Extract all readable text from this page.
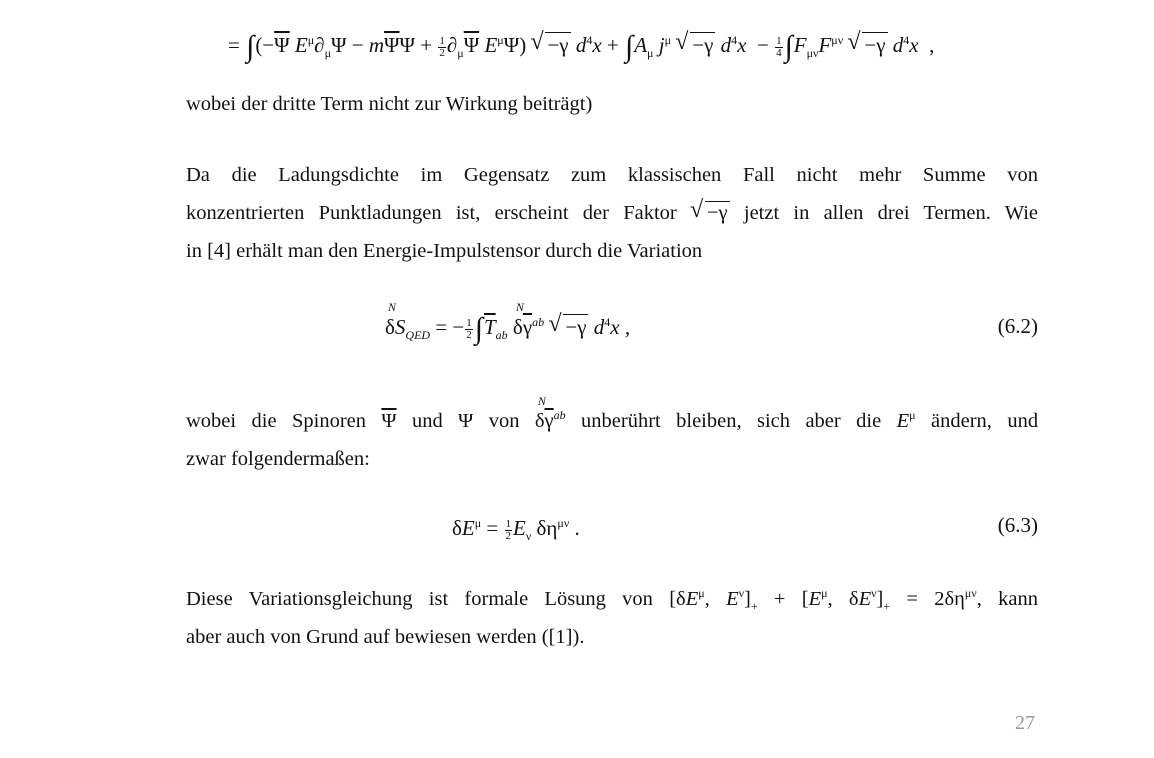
= $\int(-\overline{\Psi}$ $E^\mu\partial_\mu\Psi - m\overline{\Psi}\Psi + \frac{1}{2} \partial_\mu\overline{\Psi}$ $E^\mu\Psi$) √ −γ $d^4x + \int A_\mu$ $j^\mu$ √ −γ $d^4x - \frac{1}{4} \int F_{\mu\nu}F^{\mu\nu}$ √ −γ $d^4x$ ,
wobei der dritte Term nicht zur Wirkung beiträgt)
Da die Ladungsdichte im Gegensatz zum klassischen Fall nicht mehr Summe von
konzentrierten Punktladungen ist, erscheint der Faktor √ −γ jetzt in allen drei Termen. Wie
in [4] erhält man den Energie-Impulstensor durch die Variation
N
$\delta S_{QED}$ = − $\frac{1}{2} \int\overline{T}_{ab}$
N
$\delta\overline{\gamma}^{ab}$ √ −γ $d^4x$ ,	(6.2)
wobei die Spinoren $\overline{\Psi}$ und Ψ von
N
$\delta\overline{\gamma}^{ab}$ unberührt bleiben, sich aber die $E^\mu$ ändern, und
zwar folgendermaßen:
$\delta E^\mu = \frac{1}{2} E_\nu$ $\delta\eta^{\mu\nu}$ .	(6.3)
Diese Variationsgleichung ist formale Lösung von [$\delta E^\mu$, $E^\nu]_+ + [E^\mu$, $\delta E^\nu]_+ = 2\delta\eta^{\mu\nu}$, kann
aber auch von Grund auf bewiesen werden ([1]).
27
